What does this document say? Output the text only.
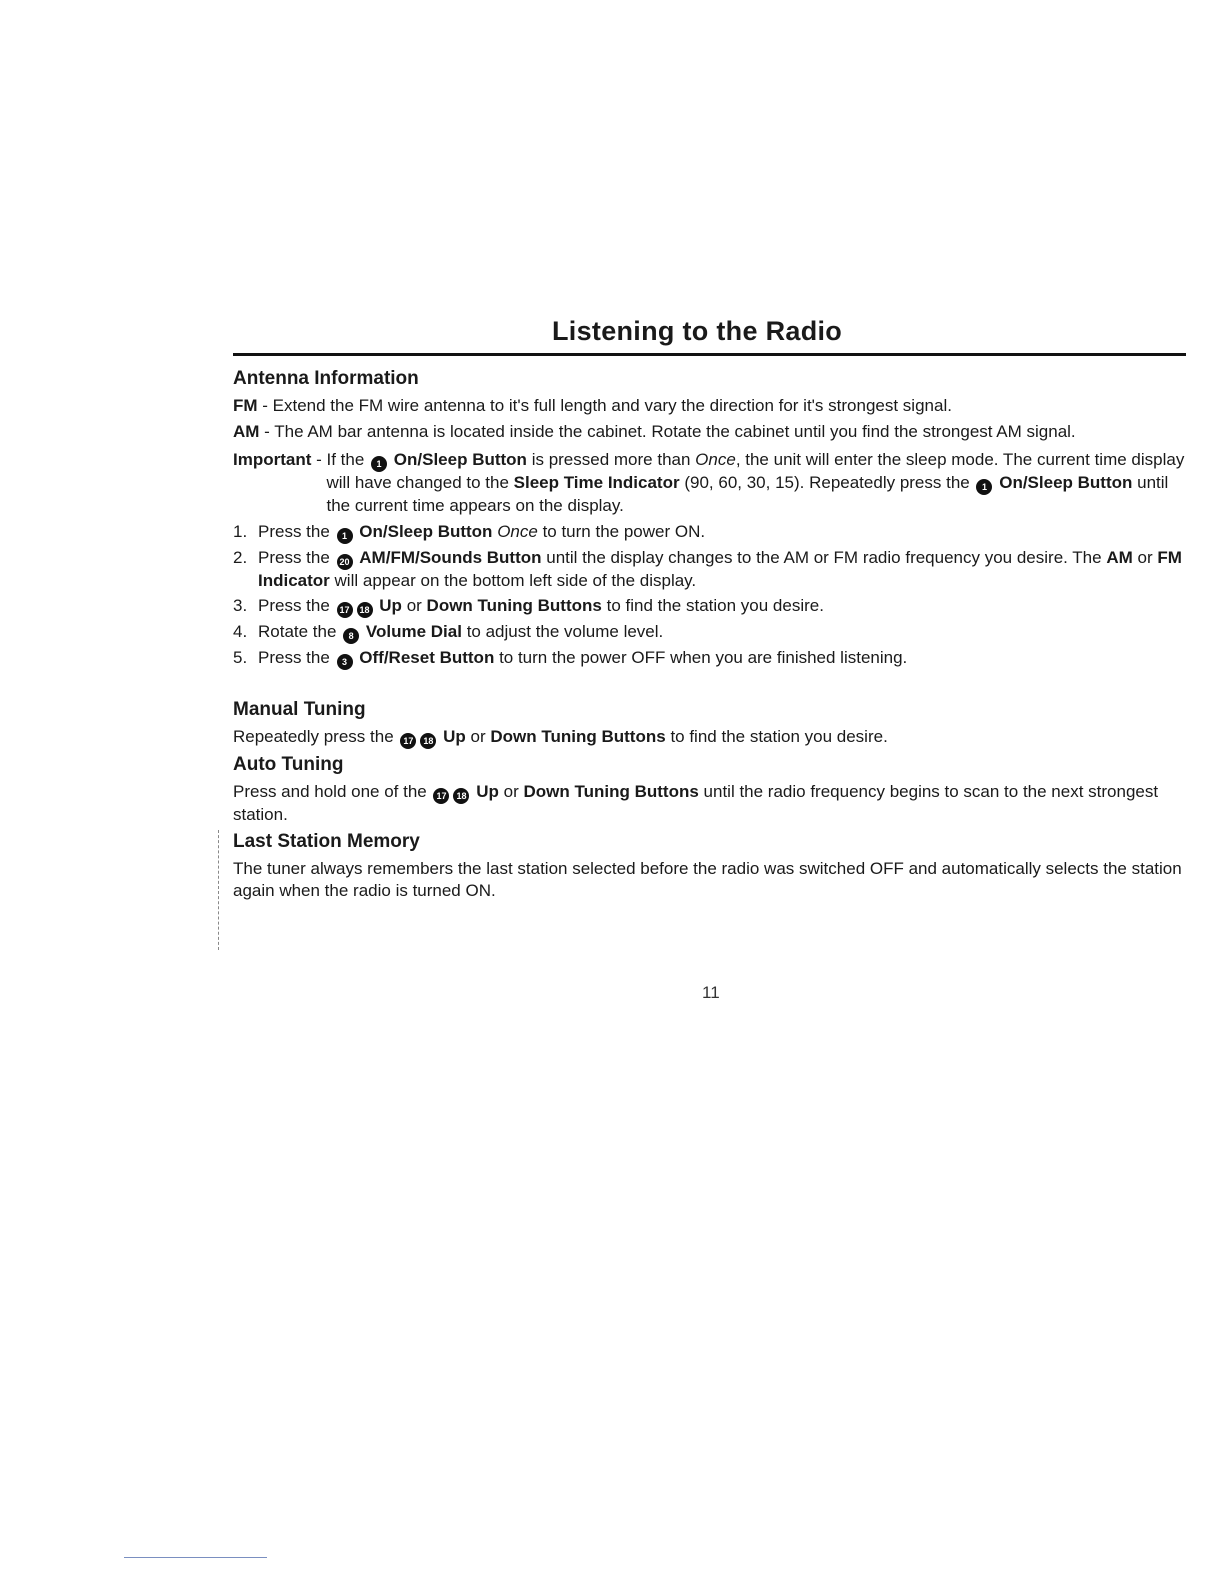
Listening to the Radio
Antenna Information

FM - Extend the FM wire antenna to it's full length and vary the direction for it's strongest signal.

AM - The AM bar antenna is located inside the cabinet. Rotate the cabinet until you find the strongest AM signal.

Important - If the 1 On/Sleep Button is pressed more than Once, the unit will enter the sleep mode. The current time display will have changed to the Sleep Time Indicator (90, 60, 30, 15). Repeatedly press the 1 On/Sleep Button until the current time appears on the display.
1. Press the 1 On/Sleep Button Once to turn the power ON.
2. Press the 20 AM/FM/Sounds Button until the display changes to the AM or FM radio frequency you desire. The AM or FM Indicator will appear on the bottom left side of the display.
3. Press the 17 18 Up or Down Tuning Buttons to find the station you desire.
4. Rotate the 8 Volume Dial to adjust the volume level.
5. Press the 3 Off/Reset Button to turn the power OFF when you are finished listening.
Manual Tuning

Repeatedly press the 17 18 Up or Down Tuning Buttons to find the station you desire.

Auto Tuning

Press and hold one of the 17 18 Up or Down Tuning Buttons until the radio frequency begins to scan to the next strongest station.

Last Station Memory

The tuner always remembers the last station selected before the radio was switched OFF and automatically selects the station again when the radio is turned ON.

11
